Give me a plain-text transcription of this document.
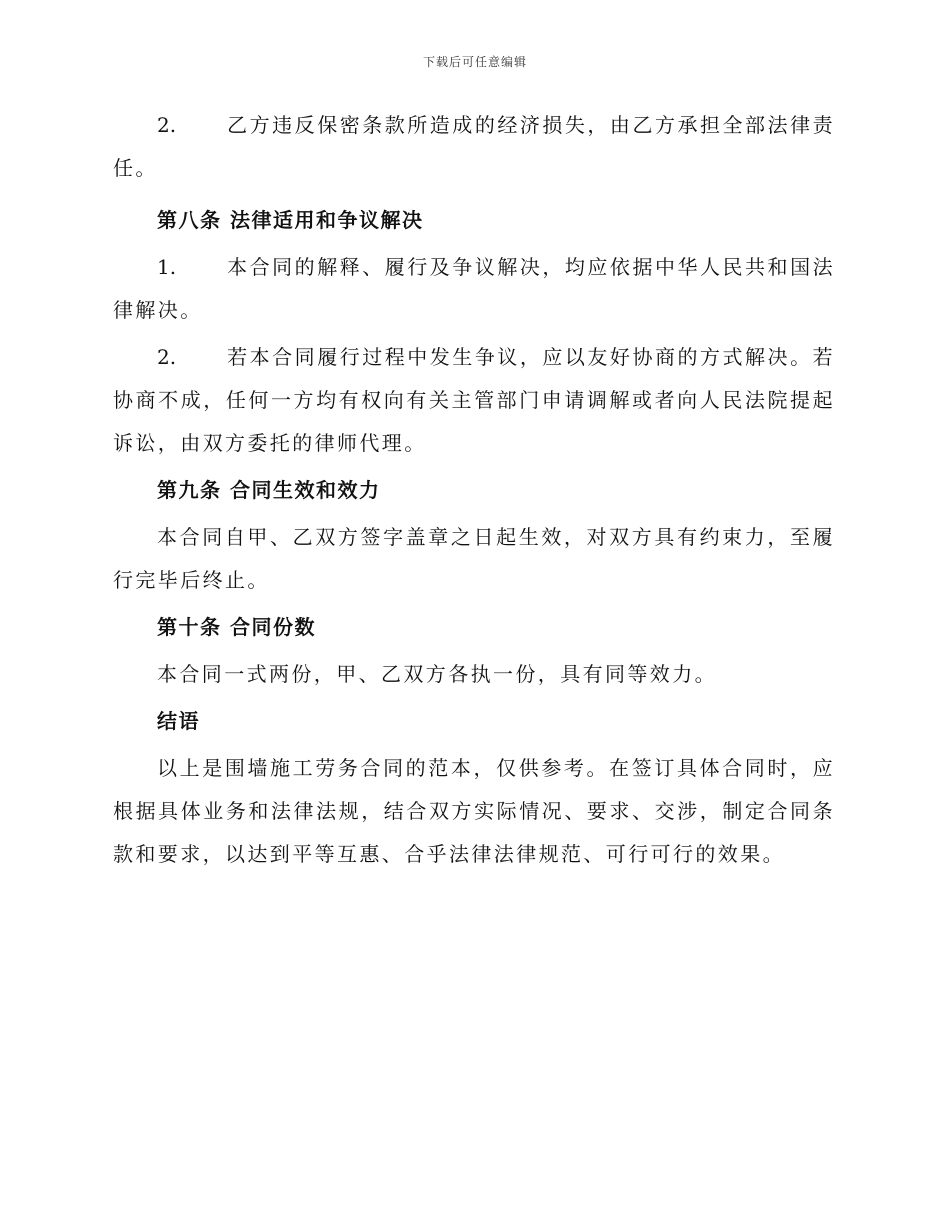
下载后可任意编辑

2.	乙方违反保密条款所造成的经济损失，由乙方承担全部法律责任。

第八条 法律适用和争议解决

1.	本合同的解释、履行及争议解决，均应依据中华人民共和国法律解决。

2.	若本合同履行过程中发生争议，应以友好协商的方式解决。若协商不成，任何一方均有权向有关主管部门申请调解或者向人民法院提起诉讼，由双方委托的律师代理。

第九条 合同生效和效力

本合同自甲、乙双方签字盖章之日起生效，对双方具有约束力，至履行完毕后终止。

第十条 合同份数

本合同一式两份，甲、乙双方各执一份，具有同等效力。

结语

以上是围墙施工劳务合同的范本，仅供参考。在签订具体合同时，应根据具体业务和法律法规，结合双方实际情况、要求、交涉，制定合同条款和要求，以达到平等互惠、合乎法律法律规范、可行可行的效果。
